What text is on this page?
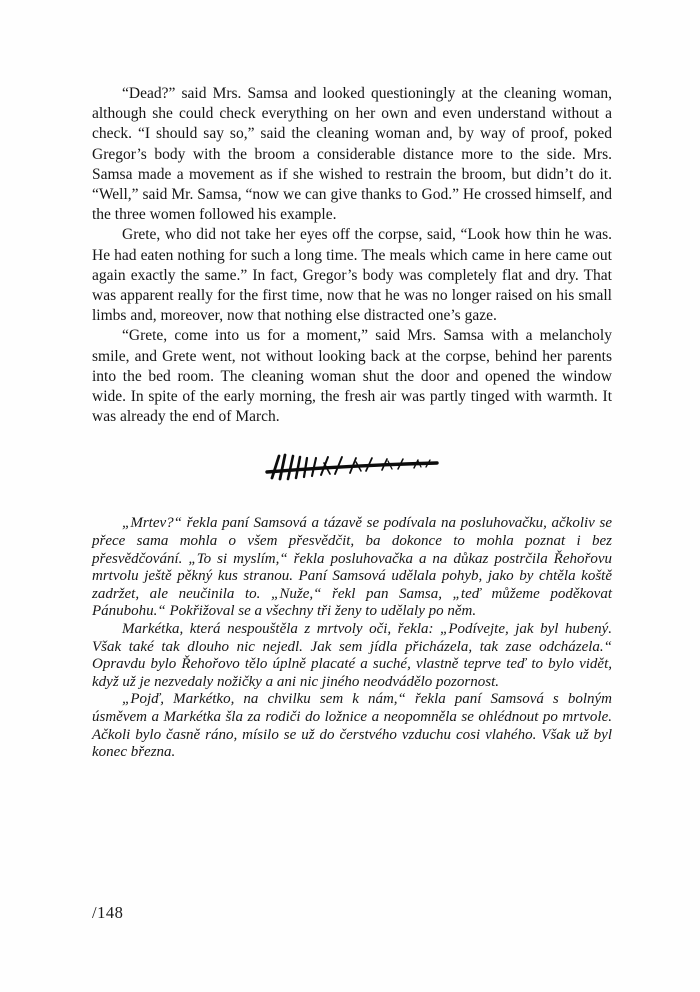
“Dead?” said Mrs. Samsa and looked questioningly at the cleaning woman, although she could check everything on her own and even understand without a check. “I should say so,” said the cleaning woman and, by way of proof, poked Gregor’s body with the broom a considerable distance more to the side. Mrs. Samsa made a movement as if she wished to restrain the broom, but didn’t do it. “Well,” said Mr. Samsa, “now we can give thanks to God.” He crossed himself, and the three women followed his example.

Grete, who did not take her eyes off the corpse, said, “Look how thin he was. He had eaten nothing for such a long time. The meals which came in here came out again exactly the same.” In fact, Gregor’s body was completely flat and dry. That was apparent really for the first time, now that he was no longer raised on his small limbs and, moreover, now that nothing else distracted one’s gaze.

“Grete, come into us for a moment,” said Mrs. Samsa with a melancholy smile, and Grete went, not without looking back at the corpse, behind her parents into the bed room. The cleaning woman shut the door and opened the window wide. In spite of the early morning, the fresh air was partly tinged with warmth. It was already the end of March.

„Mrtev?“ řekla paní Samsová a tázavě se podívala na posluhovačku, ačkoliv se přece sama mohla o všem přesvědčit, ba dokonce to mohla poznat i bez přesvědčování. „To si myslím,“ řekla posluhovačka a na důkaz postrčila Řehořovu mrtvolu ještě pěkný kus stranou. Paní Samsová udělala pohyb, jako by chtěla koště zadržet, ale neučinila to. „Nuže,“ řekl pan Samsa, „teď můžeme poděkovat Pánubohu.“ Pokřižoval se a všechny tři ženy to udělaly po něm.

Markétka, která nespouštěla z mrtvoly oči, řekla: „Podívejte, jak byl hubený. Však také tak dlouho nic nejedl. Jak sem jídla přicházela, tak zase odcházela.“ Opravdu bylo Řehořovo tělo úplně placaté a suché, vlastně teprve teď to bylo vidět, když už je nezvedaly nožičky a ani nic jiného neodvádělo pozornost.

„Pojď, Markétko, na chvilku sem k nám,“ řekla paní Samsová s bolným úsměvem a Markétka šla za rodiči do ložnice a neopomněla se ohlédnout po mrtvole. Ačkoli bylo časně ráno, mísilo se už do čerstvého vzduchu cosi vlahého. Však už byl konec března.

/148
